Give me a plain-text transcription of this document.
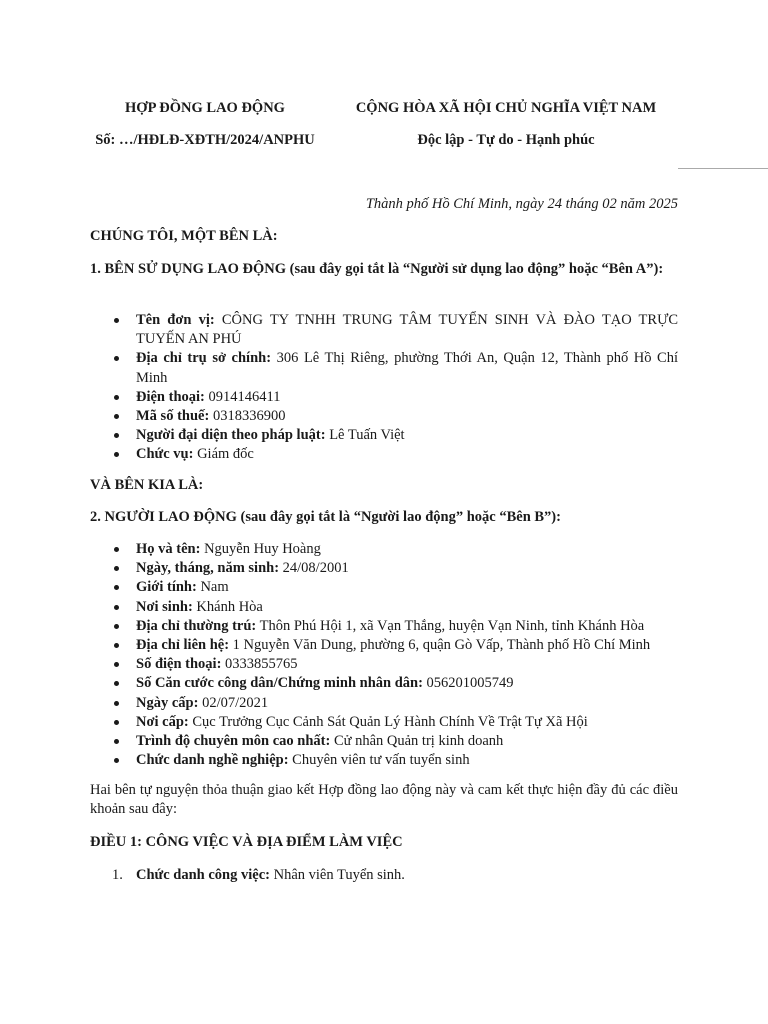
HỢP ĐỒNG LAO ĐỘNG	CỘNG HÒA XÃ HỘI CHỦ NGHĨA VIỆT NAM
Số: …/HĐLĐ-XĐTH/2024/ANPHU	Độc lập - Tự do - Hạnh phúc
Thành phố Hồ Chí Minh, ngày 24 tháng 02 năm 2025
CHÚNG TÔI, MỘT BÊN LÀ:
1. BÊN SỬ DỤNG LAO ĐỘNG (sau đây gọi tắt là “Người sử dụng lao động” hoặc “Bên A”):
Tên đơn vị: CÔNG TY TNHH TRUNG TÂM TUYỂN SINH VÀ ĐÀO TẠO TRỰC TUYẾN AN PHÚ
Địa chỉ trụ sở chính: 306 Lê Thị Riêng, phường Thới An, Quận 12, Thành phố Hồ Chí Minh
Điện thoại: 0914146411
Mã số thuế: 0318336900
Người đại diện theo pháp luật: Lê Tuấn Việt
Chức vụ: Giám đốc
VÀ BÊN KIA LÀ:
2. NGƯỜI LAO ĐỘNG (sau đây gọi tắt là “Người lao động” hoặc “Bên B”):
Họ và tên: Nguyễn Huy Hoàng
Ngày, tháng, năm sinh: 24/08/2001
Giới tính: Nam
Nơi sinh: Khánh Hòa
Địa chỉ thường trú: Thôn Phú Hội 1, xã Vạn Thắng, huyện Vạn Ninh, tỉnh Khánh Hòa
Địa chỉ liên hệ: 1 Nguyễn Văn Dung, phường 6, quận Gò Vấp, Thành phố Hồ Chí Minh
Số điện thoại: 0333855765
Số Căn cước công dân/Chứng minh nhân dân: 056201005749
Ngày cấp: 02/07/2021
Nơi cấp: Cục Trưởng Cục Cảnh Sát Quản Lý Hành Chính Về Trật Tự Xã Hội
Trình độ chuyên môn cao nhất: Cử nhân Quản trị kinh doanh
Chức danh nghề nghiệp: Chuyên viên tư vấn tuyển sinh
Hai bên tự nguyện thỏa thuận giao kết Hợp đồng lao động này và cam kết thực hiện đầy đủ các điều khoản sau đây:
ĐIỀU 1: CÔNG VIỆC VÀ ĐỊA ĐIỂM LÀM VIỆC
1. Chức danh công việc: Nhân viên Tuyển sinh.
